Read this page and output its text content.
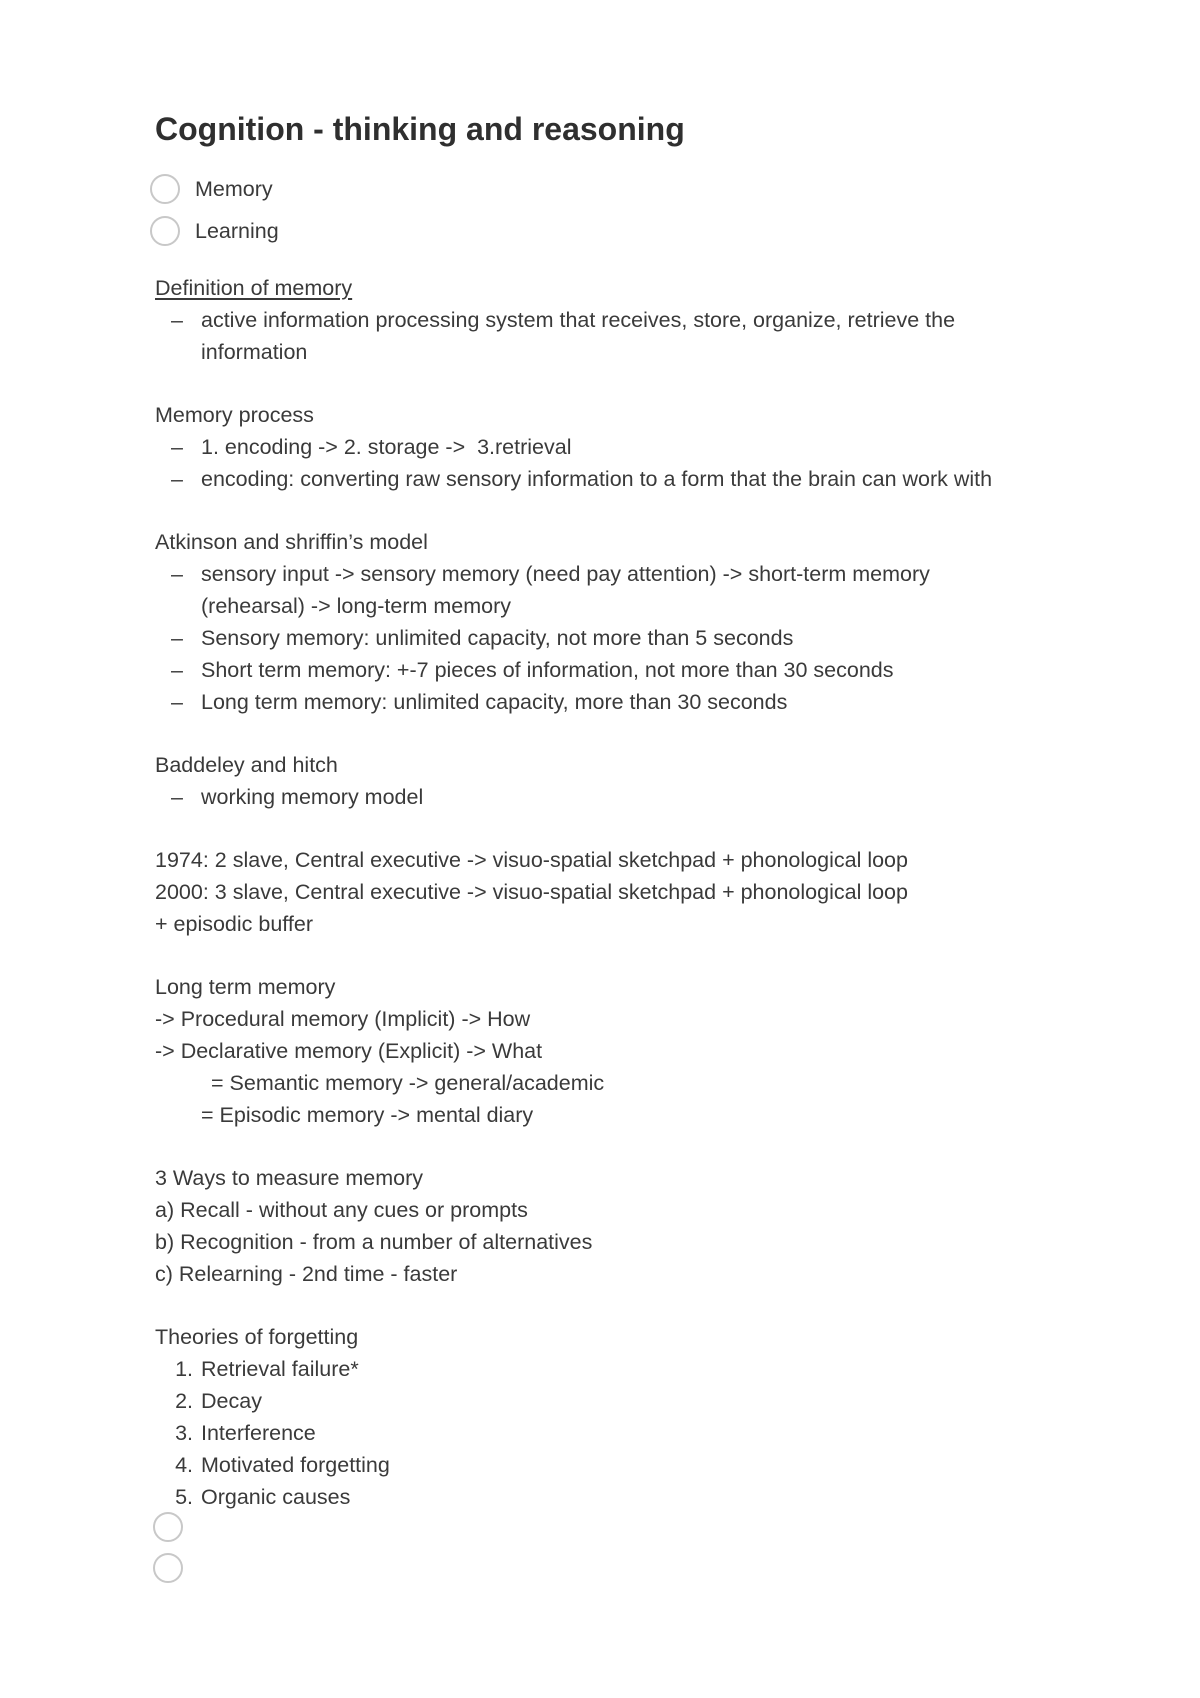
Cognition - thinking and reasoning
Memory
Learning
Definition of memory
– active information processing system that receives, store, organize, retrieve the information
Memory process
– 1. encoding -> 2. storage ->  3.retrieval
– encoding: converting raw sensory information to a form that the brain can work with
Atkinson and shriffin’s model
– sensory input -> sensory memory (need pay attention) -> short-term memory (rehearsal) -> long-term memory
– Sensory memory: unlimited capacity, not more than 5 seconds
– Short term memory: +-7 pieces of information, not more than 30 seconds
– Long term memory: unlimited capacity, more than 30 seconds
Baddeley and hitch
– working memory model
1974: 2 slave, Central executive -> visuo-spatial sketchpad + phonological loop
2000: 3 slave, Central executive -> visuo-spatial sketchpad + phonological loop
+ episodic buffer
Long term memory
-> Procedural memory (Implicit) -> How
-> Declarative memory (Explicit) -> What
= Semantic memory -> general/academic
= Episodic memory -> mental diary
3 Ways to measure memory
a) Recall - without any cues or prompts
b) Recognition - from a number of alternatives
c) Relearning - 2nd time - faster
Theories of forgetting
1. Retrieval failure*
2. Decay
3. Interference
4. Motivated forgetting
5. Organic causes
